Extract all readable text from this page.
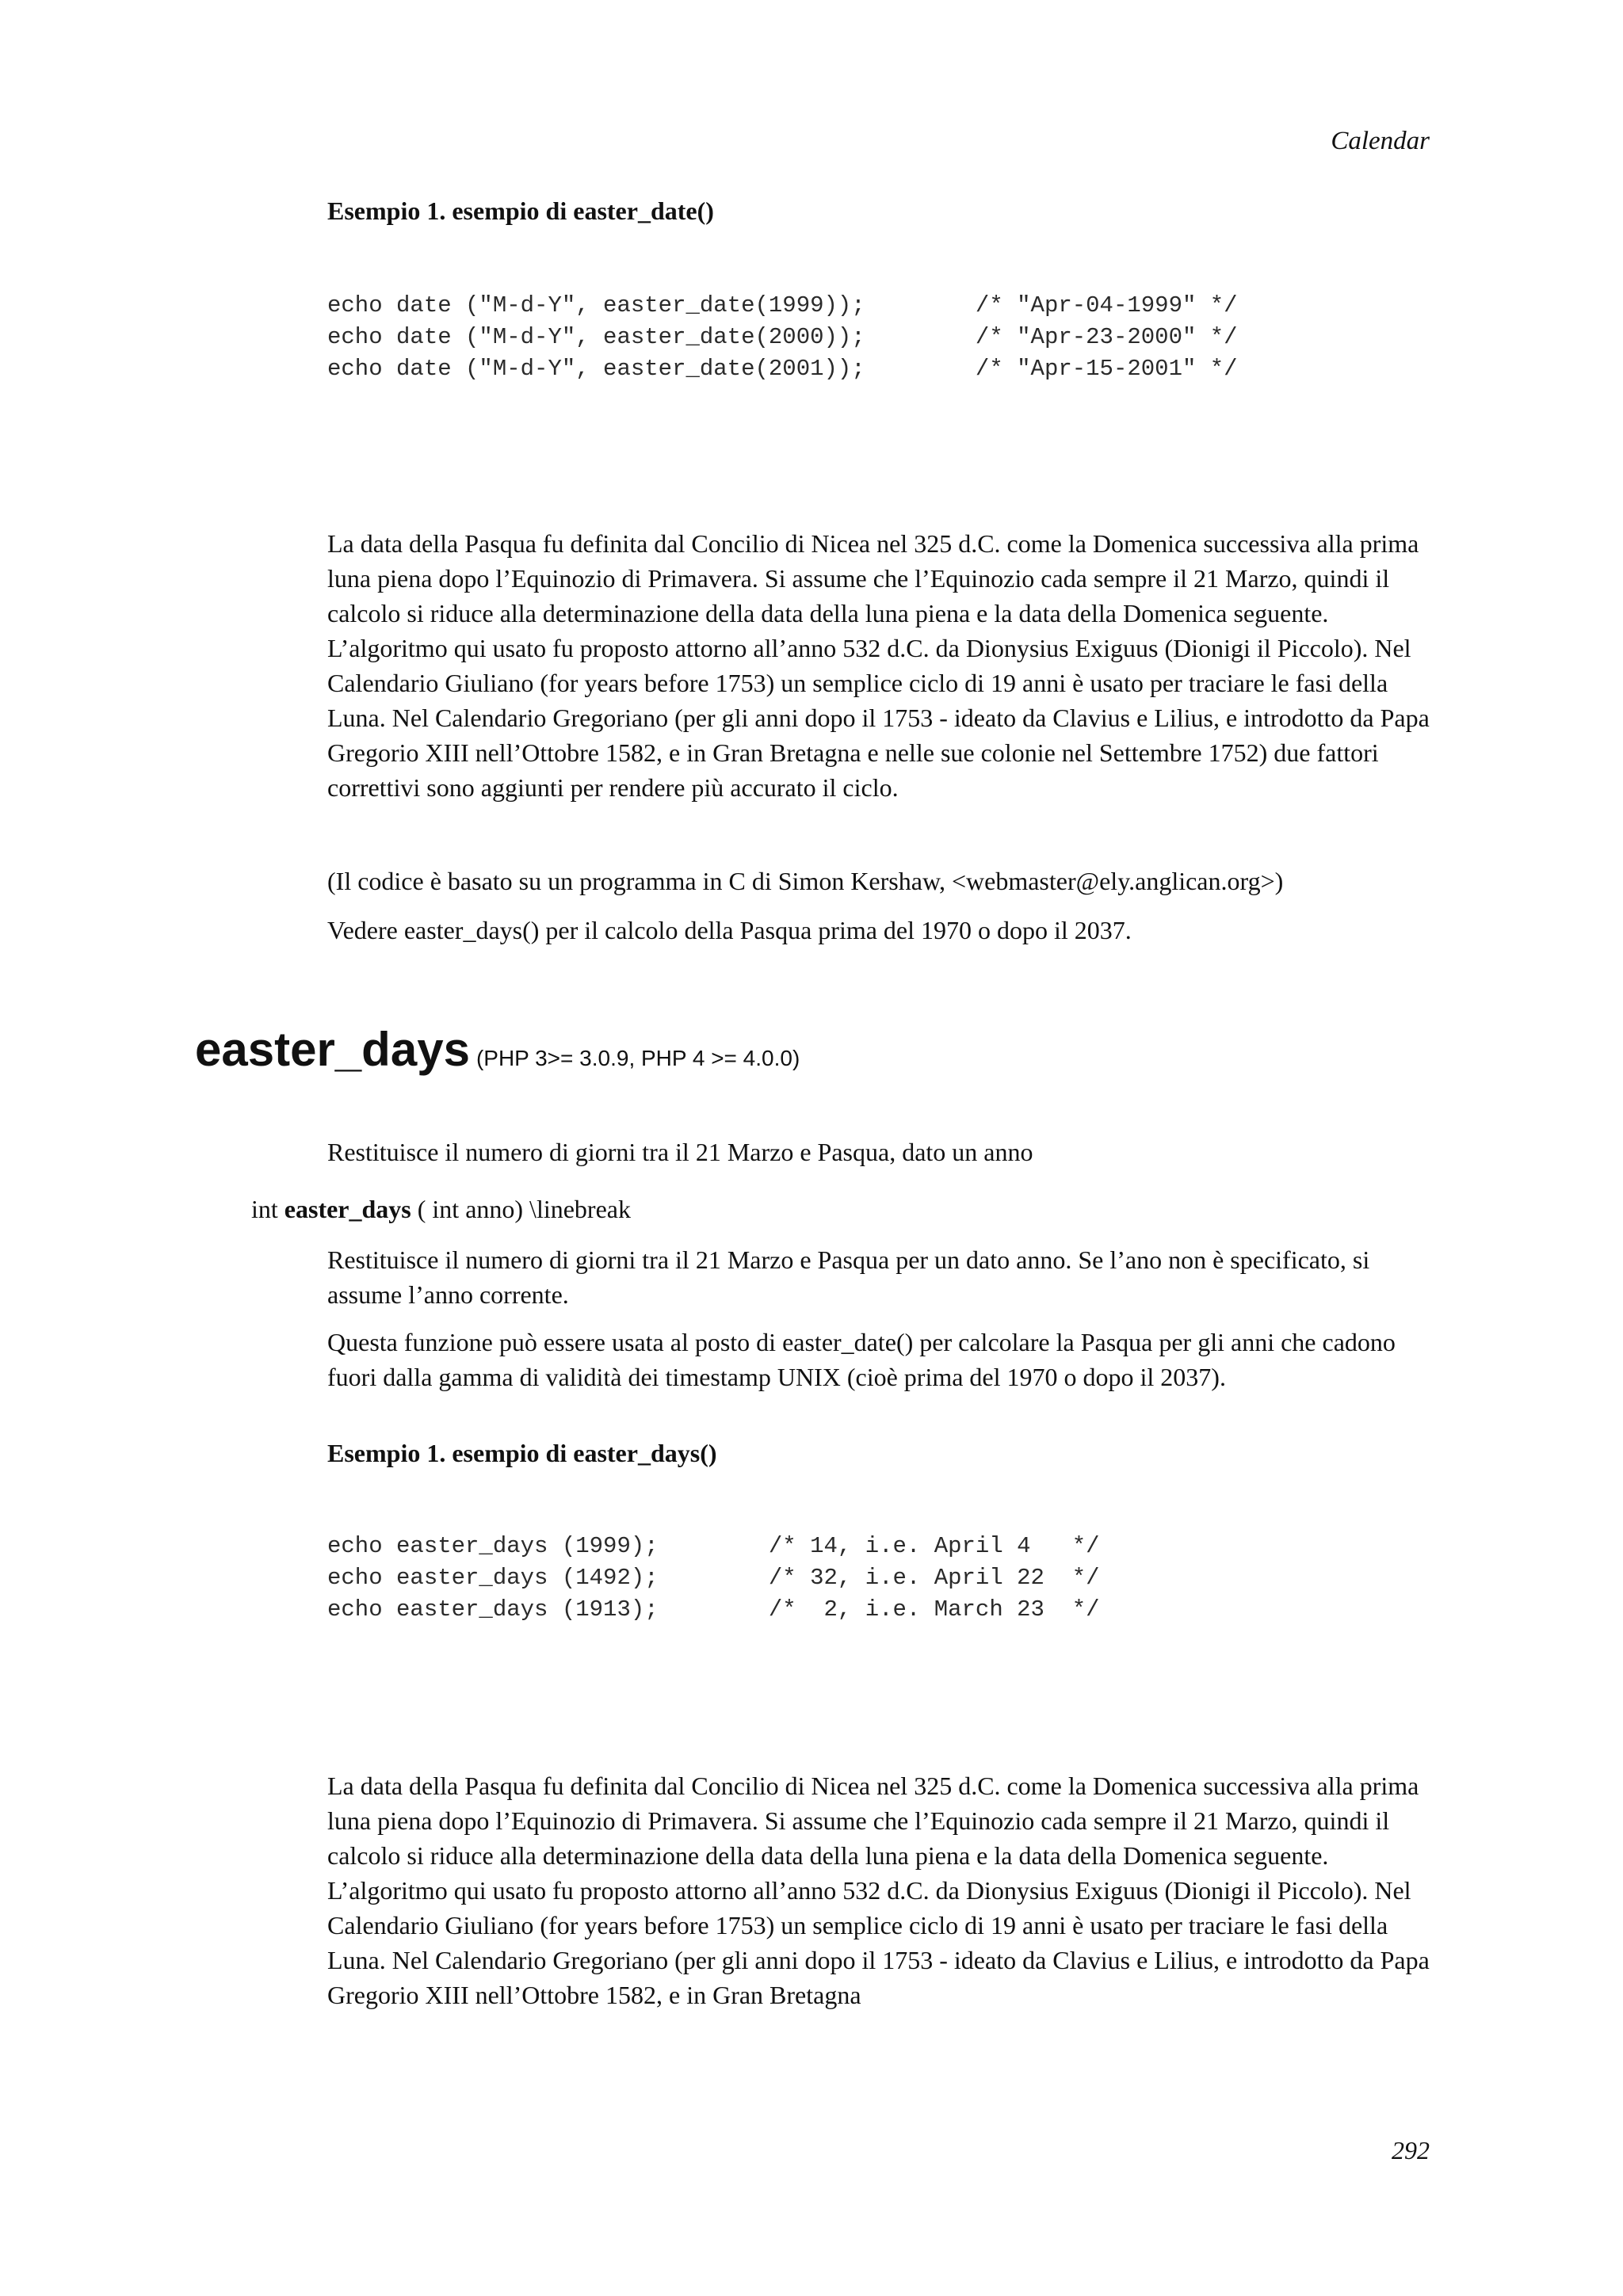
Calendar
Esempio 1. esempio di easter_date()
echo date ("M-d-Y", easter_date(1999));        /* "Apr-04-1999" */
echo date ("M-d-Y", easter_date(2000));        /* "Apr-23-2000" */
echo date ("M-d-Y", easter_date(2001));        /* "Apr-15-2001" */

La data della Pasqua fu definita dal Concilio di Nicea nel 325 d.C. come la Domenica successiva alla prima luna piena dopo l’Equinozio di Primavera. Si assume che l’Equinozio cada sempre il 21 Marzo, quindi il calcolo si riduce alla determinazione della data della luna piena e la data della Domenica seguente. L’algoritmo qui usato fu proposto attorno all’anno 532 d.C. da Dionysius Exiguus (Dionigi il Piccolo). Nel Calendario Giuliano (for years before 1753) un semplice ciclo di 19 anni è usato per traciare le fasi della Luna. Nel Calendario Gregoriano (per gli anni dopo il 1753 - ideato da Clavius e Lilius, e introdotto da Papa Gregorio XIII nell’Ottobre 1582, e in Gran Bretagna e nelle sue colonie nel Settembre 1752) due fattori correttivi sono aggiunti per rendere più accurato il ciclo.

(Il codice è basato su un programma in C di Simon Kershaw, <webmaster@ely.anglican.org>)

Vedere easter_days() per il calcolo della Pasqua prima del 1970 o dopo il 2037.

easter_days (PHP 3>= 3.0.9, PHP 4 >= 4.0.0)

Restituisce il numero di giorni tra il 21 Marzo e Pasqua, dato un anno

int easter_days ( int anno) \linebreak

Restituisce il numero di giorni tra il 21 Marzo e Pasqua per un dato anno. Se l’ano non è specificato, si assume l’anno corrente.

Questa funzione può essere usata al posto di easter_date() per calcolare la Pasqua per gli anni che cadono fuori dalla gamma di validità dei timestamp UNIX (cioè prima del 1970 o dopo il 2037).

Esempio 1. esempio di easter_days()
echo easter_days (1999);        /* 14, i.e. April 4   */
echo easter_days (1492);        /* 32, i.e. April 22  */
echo easter_days (1913);        /*  2, i.e. March 23  */

La data della Pasqua fu definita dal Concilio di Nicea nel 325 d.C. come la Domenica successiva alla prima luna piena dopo l’Equinozio di Primavera. Si assume che l’Equinozio cada sempre il 21 Marzo, quindi il calcolo si riduce alla determinazione della data della luna piena e la data della Domenica seguente. L’algoritmo qui usato fu proposto attorno all’anno 532 d.C. da Dionysius Exiguus (Dionigi il Piccolo). Nel Calendario Giuliano (for years before 1753) un semplice ciclo di 19 anni è usato per traciare le fasi della Luna. Nel Calendario Gregoriano (per gli anni dopo il 1753 - ideato da Clavius e Lilius, e introdotto da Papa Gregorio XIII nell’Ottobre 1582, e in Gran Bretagna

292
